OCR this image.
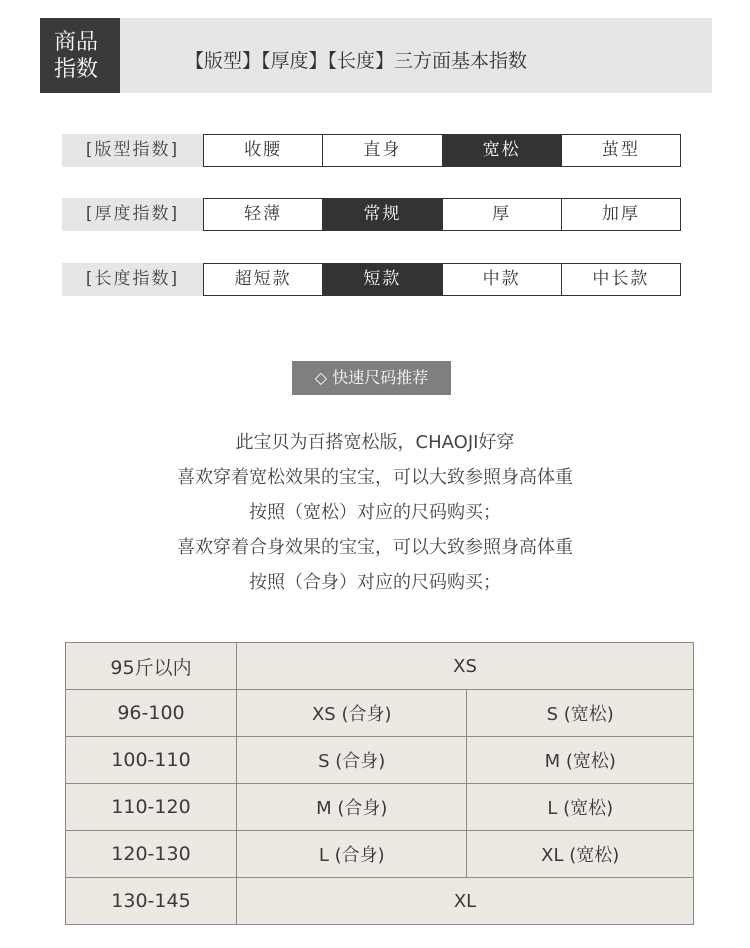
商品
指数	【版型】【厚度】【长度】三方面基本指数
[版型指数]	收腰	直身	宽松	茧型
[厚度指数]	轻薄	常规	厚	加厚
[长度指数]	超短款	短款	中款	中长款
◇ 快速尺码推荐
此宝贝为百搭宽松版，CHAOJI好穿
喜欢穿着宽松效果的宝宝，可以大致参照身高体重
按照（宽松）对应的尺码购买；
喜欢穿着合身效果的宝宝，可以大致参照身高体重
按照（合身）对应的尺码购买；
95斤以内	XS	
96-100	XS (合身)	S (宽松)
100-110	S (合身)	M (宽松)
110-120	M (合身)	L (宽松)
120-130	L (合身)	XL (宽松)
130-145	XL	
